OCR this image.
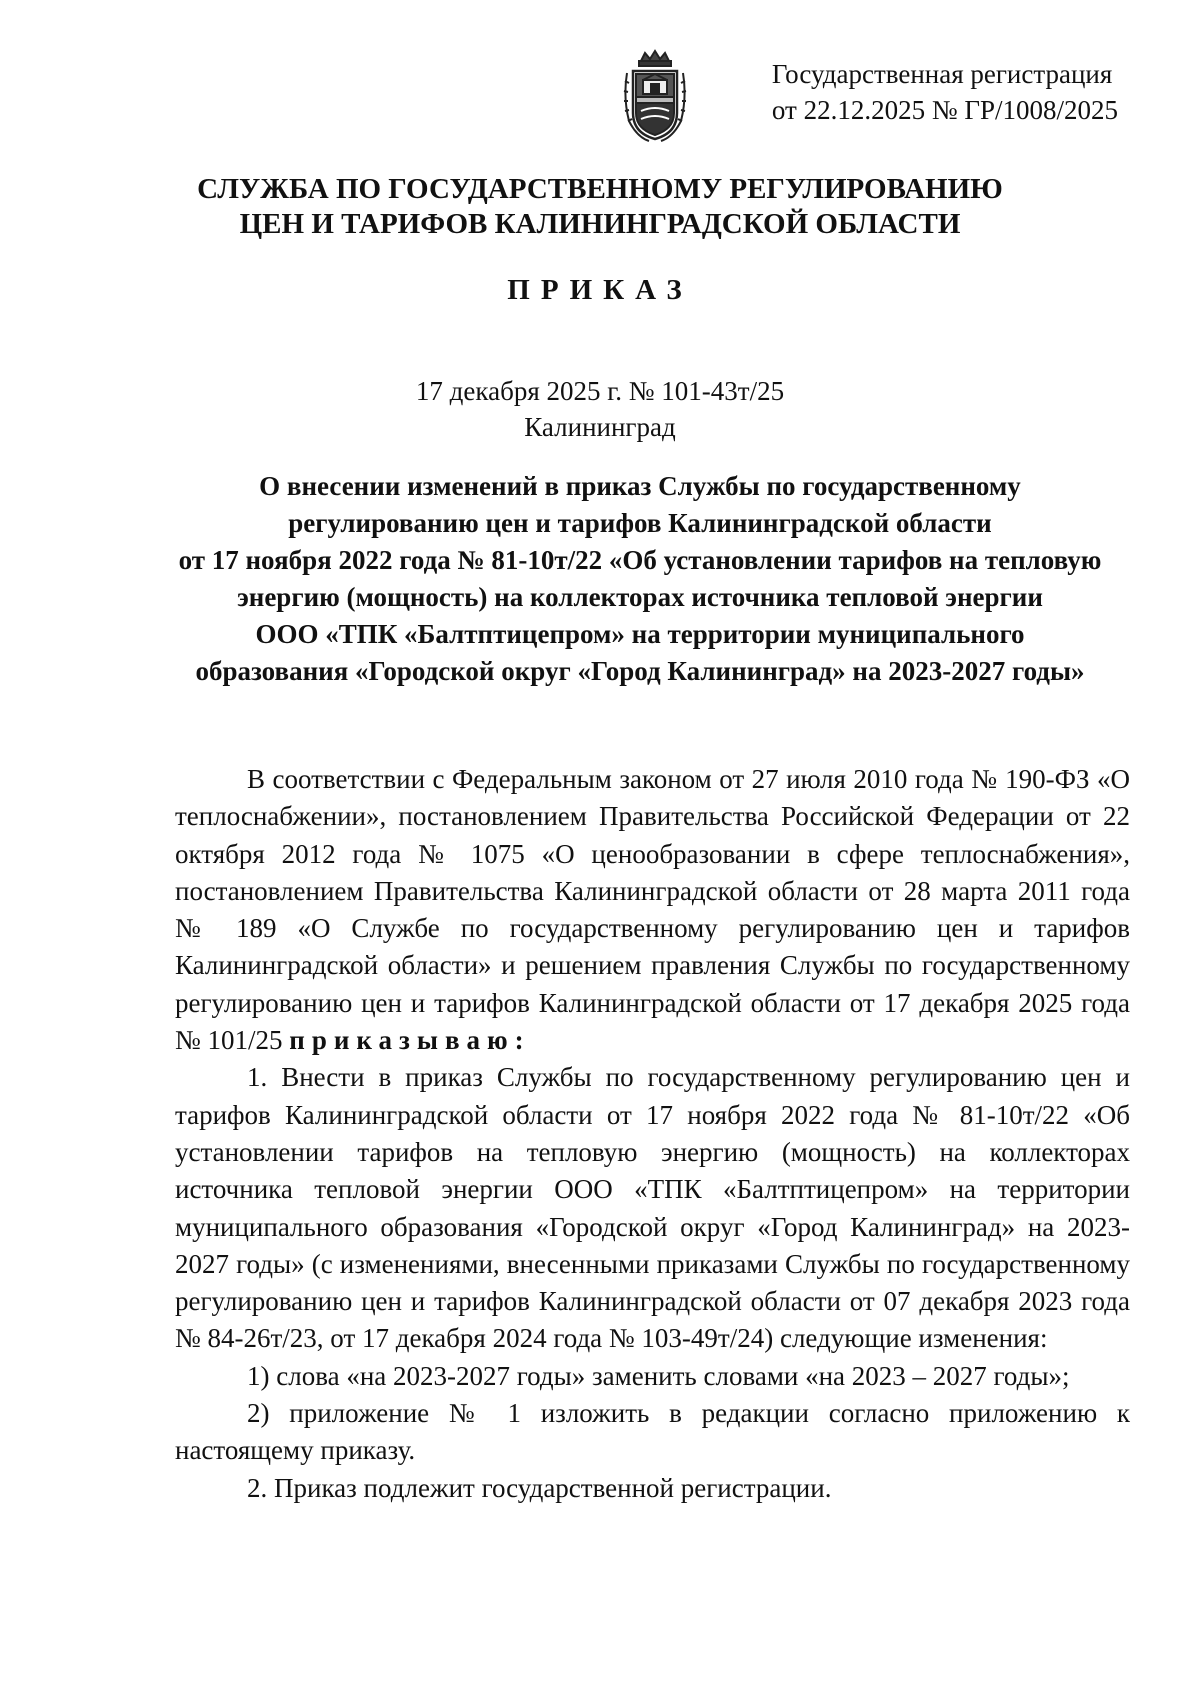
Государственная регистрация
от 22.12.2025 № ГР/1008/2025
СЛУЖБА ПО ГОСУДАРСТВЕННОМУ РЕГУЛИРОВАНИЮ
ЦЕН И ТАРИФОВ КАЛИНИНГРАДСКОЙ ОБЛАСТИ
ПРИКАЗ
17 декабря 2025 г. № 101-43т/25
Калининград
О внесении изменений в приказ Службы по государственному
регулированию цен и тарифов Калининградской области
от 17 ноября 2022 года № 81-10т/22 «Об установлении тарифов на тепловую
энергию (мощность) на коллекторах источника тепловой энергии
ООО «ТПК «Балтптицепром» на территории муниципального
образования «Городской округ «Город Калининград» на 2023-2027 годы»

В соответствии с Федеральным законом от 27 июля 2010 года № 190-ФЗ «О теплоснабжении», постановлением Правительства Российской Федерации от 22 октября 2012 года № 1075 «О ценообразовании в сфере теплоснабжения», постановлением Правительства Калининградской области от 28 марта 2011 года № 189 «О Службе по государственному регулированию цен и тарифов Калининградской области» и решением правления Службы по государственному регулированию цен и тарифов Калининградской области от 17 декабря 2025 года № 101/25 приказываю:

1. Внести в приказ Службы по государственному регулированию цен и тарифов Калининградской области от 17 ноября 2022 года № 81-10т/22 «Об установлении тарифов на тепловую энергию (мощность) на коллекторах источника тепловой энергии ООО «ТПК «Балтптицепром» на территории муниципального образования «Городской округ «Город Калининград» на 2023-2027 годы» (с изменениями, внесенными приказами Службы по государственному регулированию цен и тарифов Калининградской области от 07 декабря 2023 года № 84-26т/23, от 17 декабря 2024 года № 103-49т/24) следующие изменения:

1) слова «на 2023-2027 годы» заменить словами «на 2023 – 2027 годы»;

2) приложение № 1 изложить в редакции согласно приложению к настоящему приказу.

2. Приказ подлежит государственной регистрации.
